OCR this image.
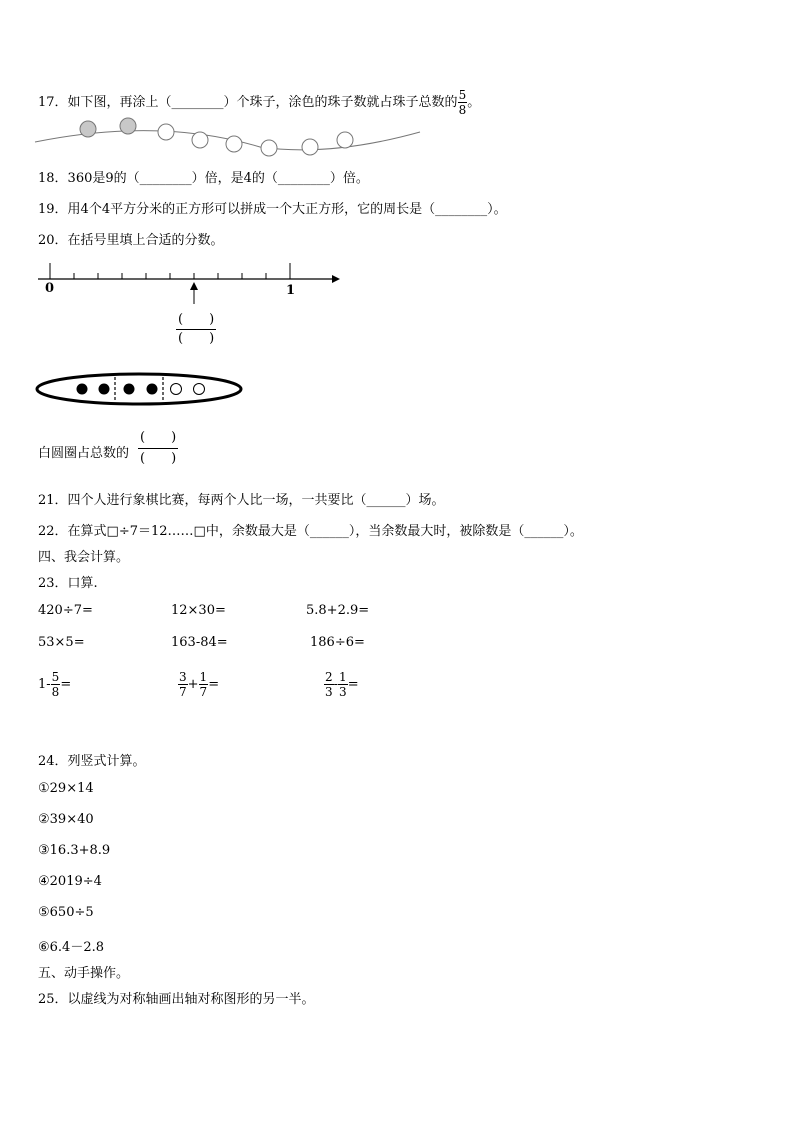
17．如下图，再涂上（________）个珠子，涂色的珠子数就占珠子总数的 $\frac{5}{8}$ 。
18．360是9的（________）倍，是4的（________）倍。
19．用4个4平方分米的正方形可以拼成一个大正方形，它的周长是（________）。
20．在括号里填上合适的分数。
0	1
(　　)
(　　)
白圆圈占总数的
(　　)
(　　)
21．四个人进行象棋比赛，每两个人比一场，一共要比（______）场。
22．在算式□÷7＝12……□中，余数最大是（______），当余数最大时，被除数是（______）。
四、我会计算。
23．口算.
420÷7=	12×30=	5.8+2.9=
53×5=	163-84=	186÷6=
$1- \frac{5}{8}$ =	$\frac{3}{7} + \frac{1}{7}$ =	$\frac{2}{3} - \frac{1}{3}$ =
24．列竖式计算。
①29×14
②39×40
③16.3+8.9
④2019÷4
⑤650÷5
⑥6.4－2.8
五、动手操作。
25．以虚线为对称轴画出轴对称图形的另一半。
